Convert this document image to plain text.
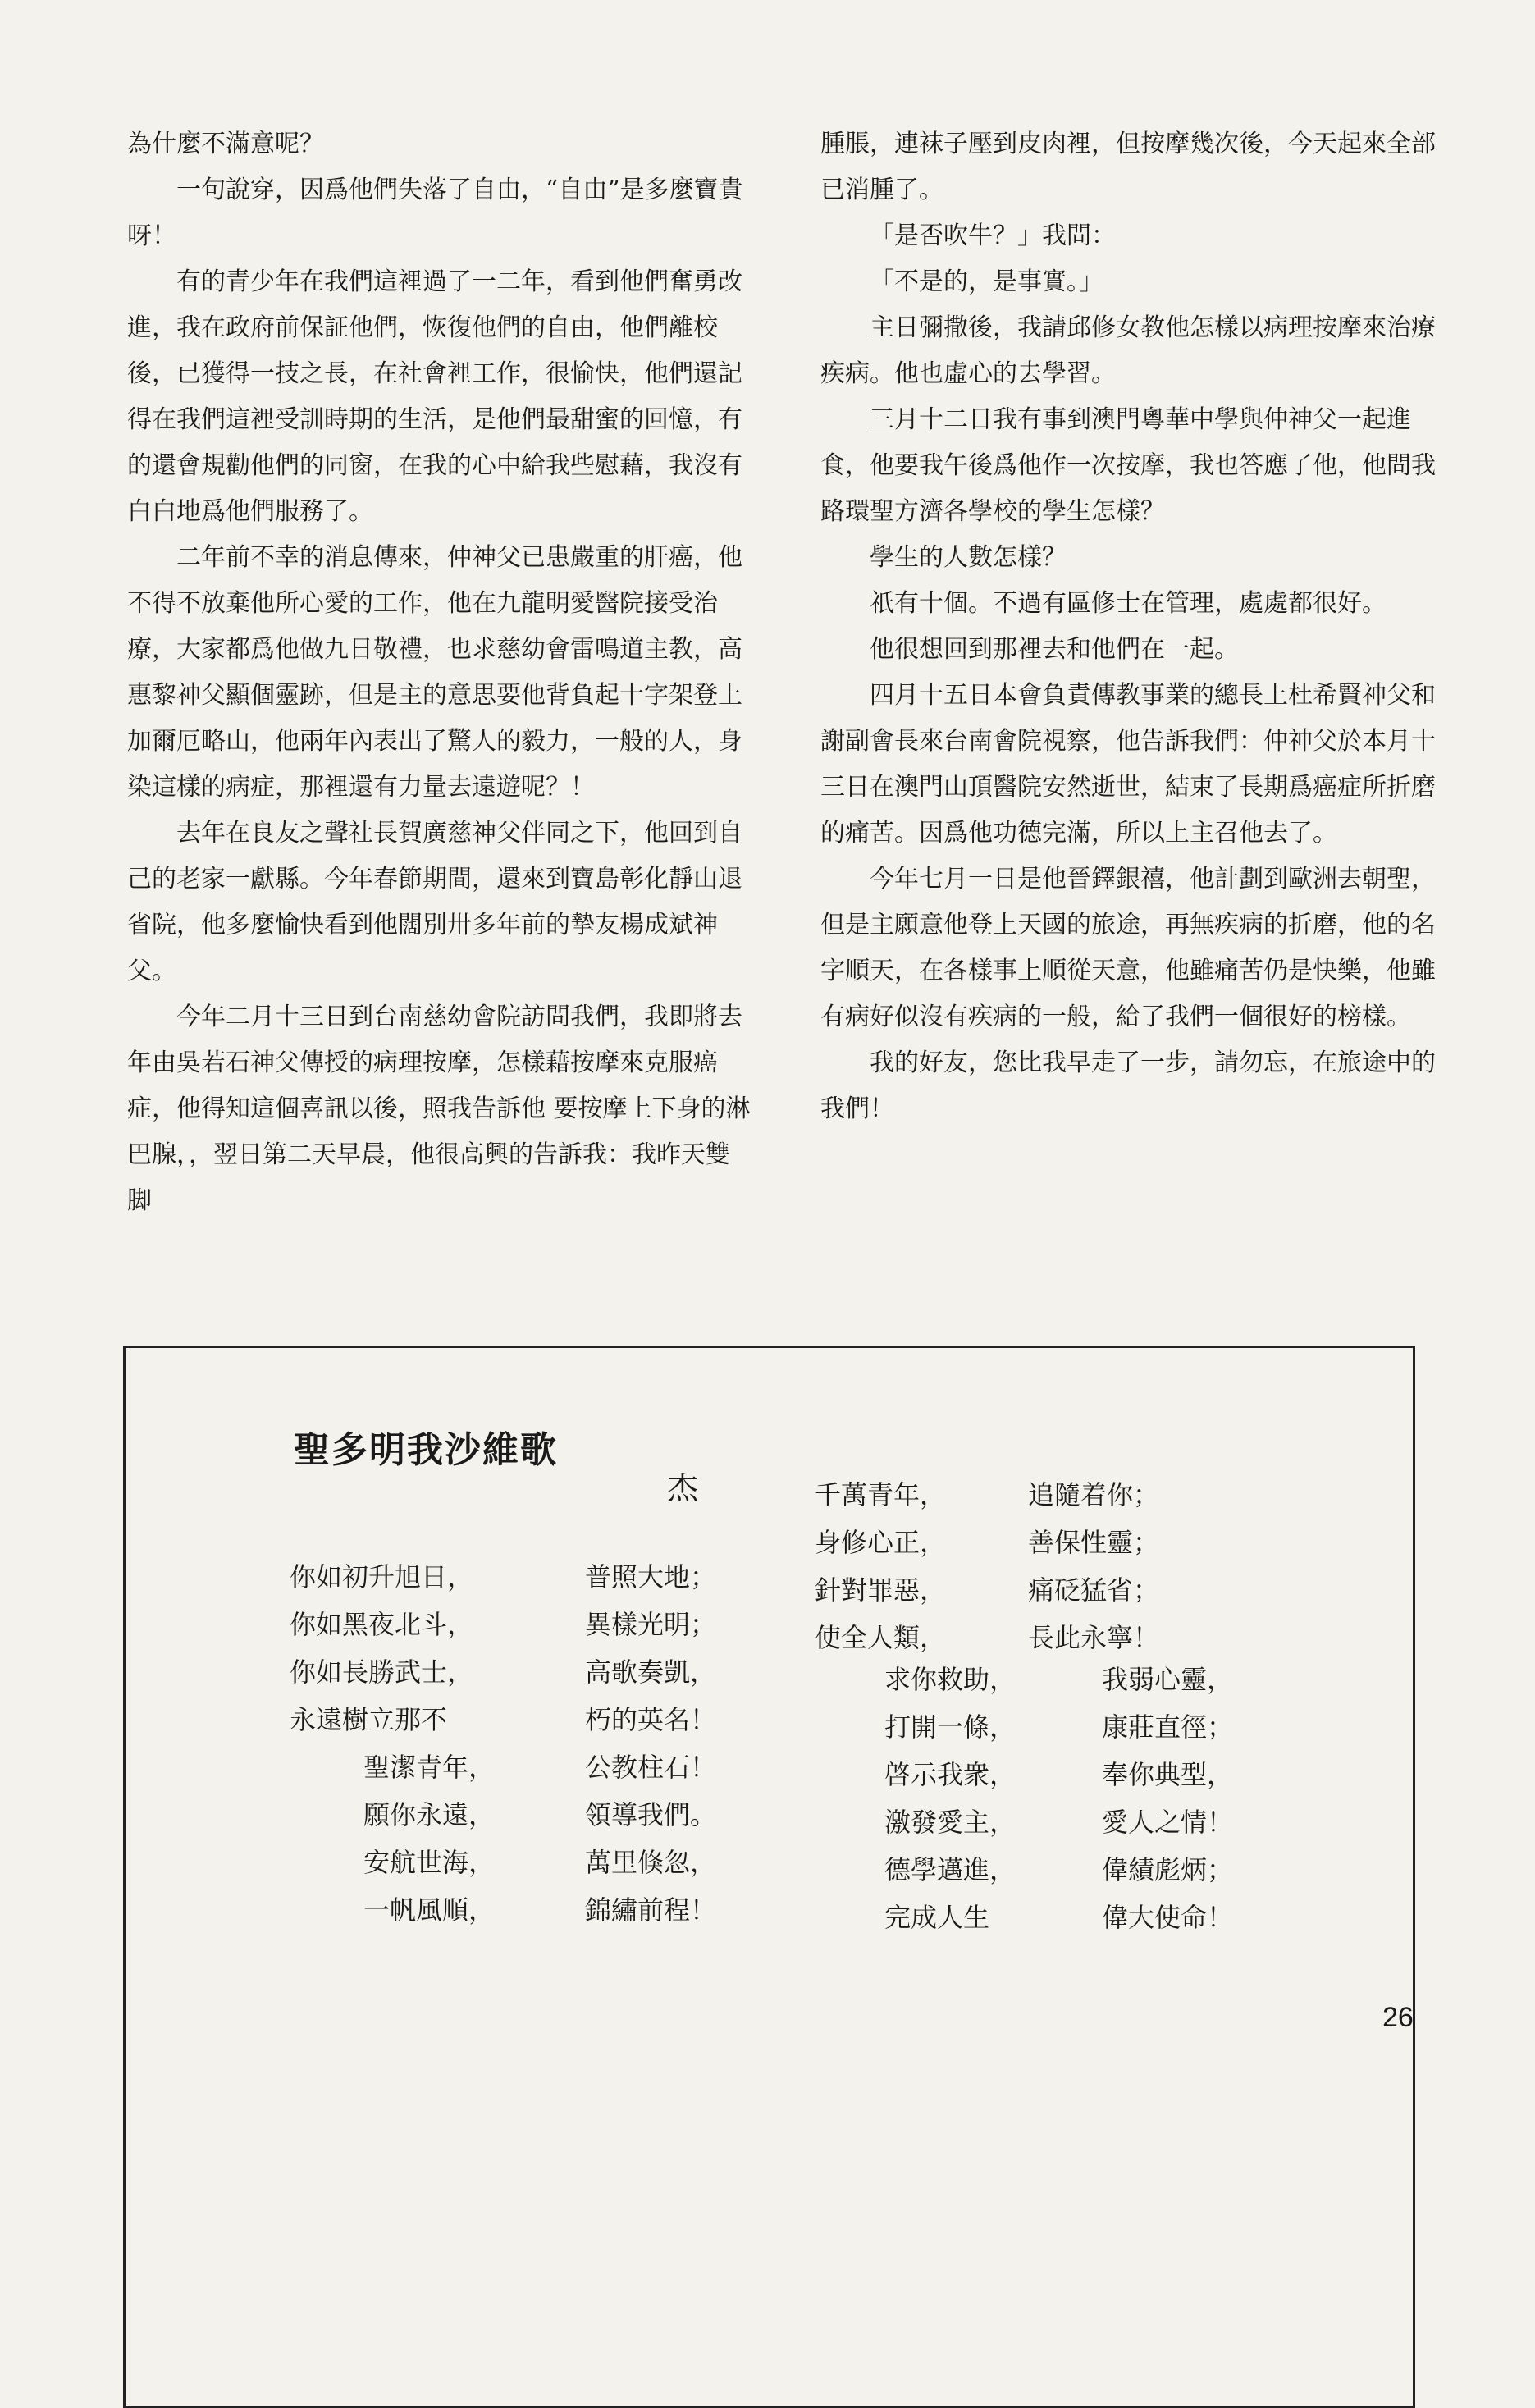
為什麼不滿意呢？

一句說穿，因爲他們失落了自由，“自由”是多麼寶貴呀！

有的青少年在我們這裡過了一二年，看到他們奮勇改進，我在政府前保証他們，恢復他們的自由，他們離校後，已獲得一技之長，在社會裡工作，很愉快，他們還記得在我們這裡受訓時期的生活，是他們最甜蜜的回憶，有的還會規勸他們的同窗，在我的心中給我些慰藉，我沒有白白地爲他們服務了。

二年前不幸的消息傳來，仲神父已患嚴重的肝癌，他不得不放棄他所心愛的工作，他在九龍明愛醫院接受治療，大家都爲他做九日敬禮，也求慈幼會雷鳴道主教，高惠黎神父顯個靈跡，但是主的意思要他背負起十字架登上加爾厄略山，他兩年內表出了驚人的毅力，一般的人，身染這樣的病症，那裡還有力量去遠遊呢？！

去年在良友之聲社長賀廣慈神父伴同之下，他回到自己的老家一獻縣。今年春節期間，還來到寶島彰化靜山退省院，他多麼愉快看到他闊別卅多年前的摯友楊成斌神父。

今年二月十三日到台南慈幼會院訪問我們，我即將去年由吳若石神父傳授的病理按摩，怎樣藉按摩來克服癌症，他得知這個喜訊以後，照我告訴他 要按摩上下身的淋巴腺，，翌日第二天早晨，他很高興的告訴我：我昨天雙脚

腫脹，連袜子壓到皮肉裡，但按摩幾次後，今天起來全部已消腫了。

「是否吹牛？」我問：

「不是的，是事實。」

主日彌撒後，我請邱修女教他怎樣以病理按摩來治療疾病。他也虛心的去學習。

三月十二日我有事到澳門粵華中學與仲神父一起進食，他要我午後爲他作一次按摩，我也答應了他，他問我路環聖方濟各學校的學生怎樣？

學生的人數怎樣？

祇有十個。不過有區修士在管理，處處都很好。

他很想回到那裡去和他們在一起。

四月十五日本會負責傳教事業的總長上杜希賢神父和謝副會長來台南會院視察，他告訴我們：仲神父於本月十三日在澳門山頂醫院安然逝世，結束了長期爲癌症所折磨的痛苦。因爲他功德完滿，所以上主召他去了。

今年七月一日是他晉鐸銀禧，他計劃到歐洲去朝聖，但是主願意他登上天國的旅途，再無疾病的折磨，他的名字順天，在各樣事上順從天意，他雖痛苦仍是快樂，他雖有病好似沒有疾病的一般，給了我們一個很好的榜樣。

我的好友，您比我早走了一步，請勿忘，在旅途中的我們！

聖多明我沙維歌
杰
你如初升旭日，	普照大地；
你如黑夜北斗，	異樣光明；
你如長勝武士，	高歌奏凱，
永遠樹立那不	朽的英名！
聖潔青年，	公教柱石！
願你永遠，	領導我們。
安航世海，	萬里倏忽，
一帆風順，	錦繡前程！
千萬青年，	追隨着你；
身修心正，	善保性靈；
針對罪惡，	痛砭猛省；
使全人類，	長此永寧！
求你救助，	我弱心靈，
打開一條，	康莊直徑；
啓示我衆，	奉你典型，
激發愛主，	愛人之情！
德學邁進，	偉績彪炳；
完成人生	偉大使命！
26
